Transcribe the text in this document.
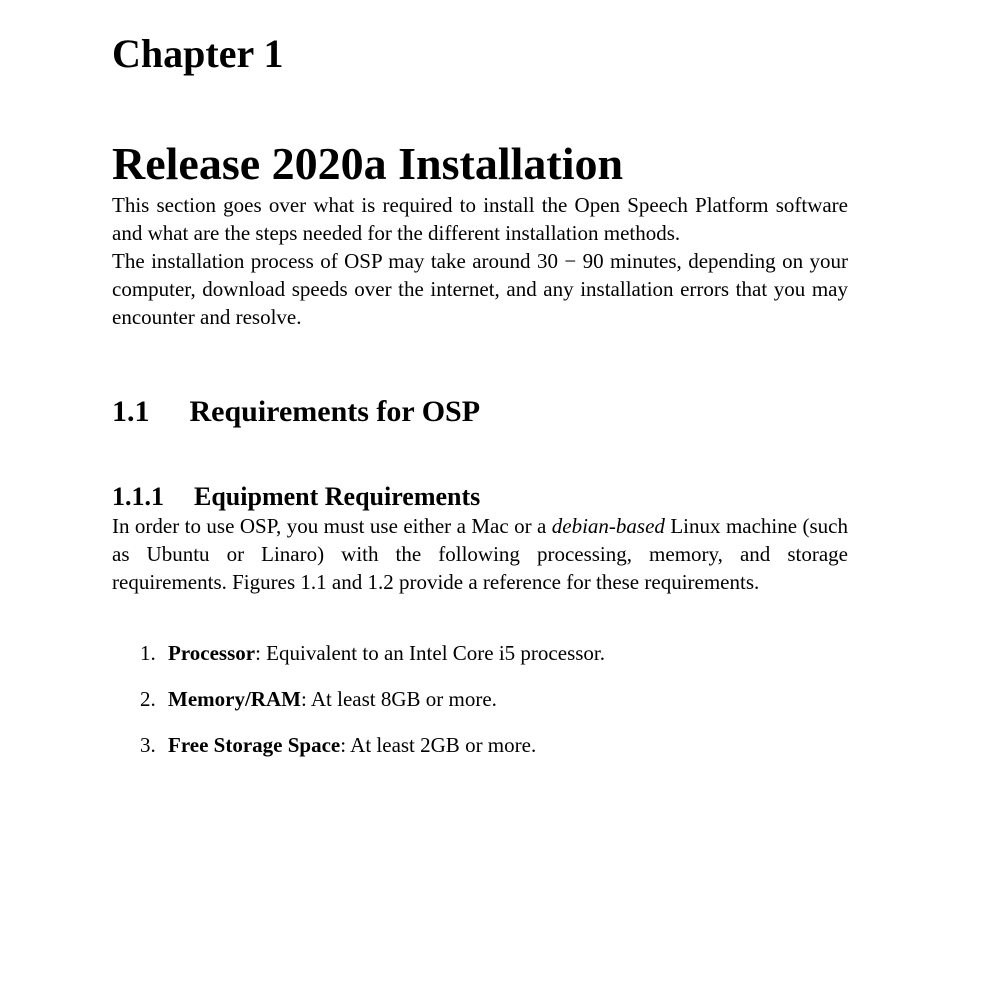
Chapter 1
Release 2020a Installation

This section goes over what is required to install the Open Speech Platform software and what are the steps needed for the different installation methods.

The installation process of OSP may take around 30 − 90 minutes, depending on your computer, download speeds over the internet, and any installation errors that you may encounter and resolve.

1.1 Requirements for OSP
1.1.1 Equipment Requirements

In order to use OSP, you must use either a Mac or a debian-based Linux machine (such as Ubuntu or Linaro) with the following processing, memory, and storage requirements. Figures 1.1 and 1.2 provide a reference for these requirements.

1. Processor: Equivalent to an Intel Core i5 processor.
2. Memory/RAM: At least 8GB or more.
3. Free Storage Space: At least 2GB or more.
